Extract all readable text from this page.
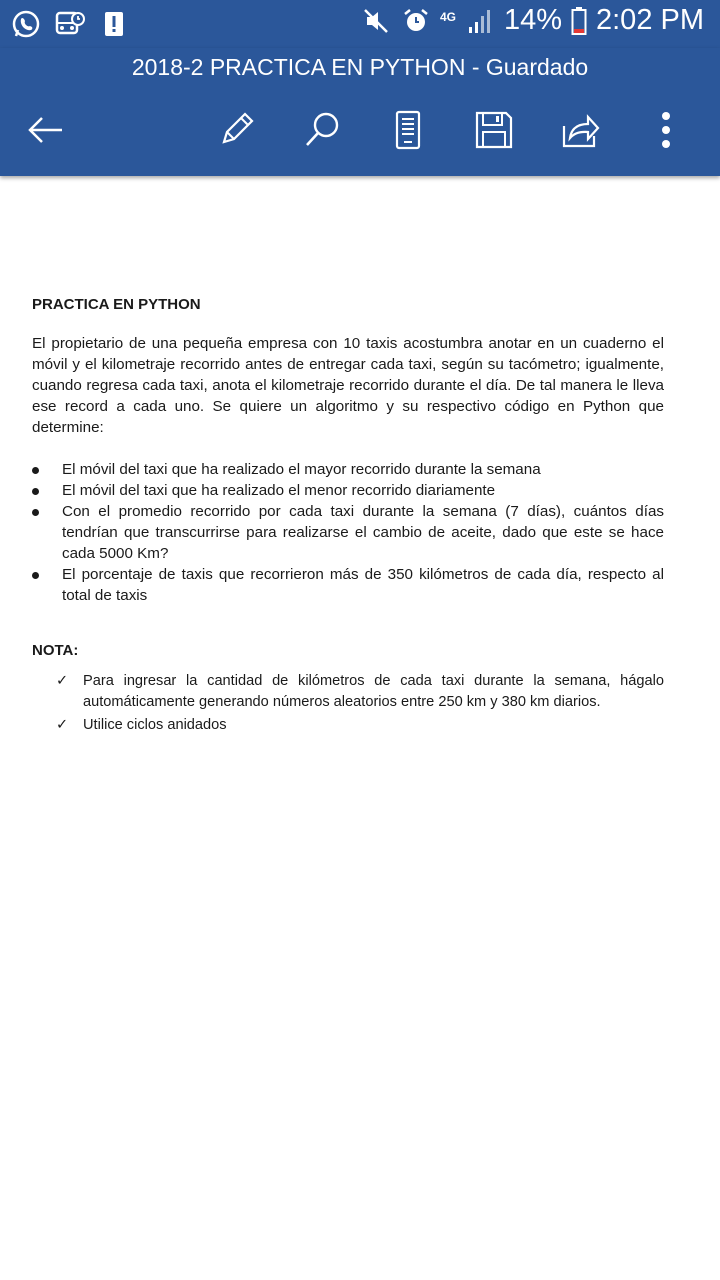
4G 14% 2:02 PM
2018-2 PRACTICA EN PYTHON - Guardado
PRACTICA EN PYTHON

El propietario de una pequeña empresa con 10 taxis acostumbra anotar en un cuaderno el móvil y el kilometraje recorrido antes de entregar cada taxi, según su tacómetro; igualmente, cuando regresa cada taxi, anota el kilometraje recorrido durante el día. De tal manera le lleva ese record a cada uno. Se quiere un algoritmo y su respectivo código en Python que determine:

El móvil del taxi que ha realizado el mayor recorrido durante la semana
El móvil del taxi que ha realizado el menor recorrido diariamente
Con el promedio recorrido por cada taxi durante la semana (7 días), cuántos días tendrían que transcurrirse para realizarse el cambio de aceite, dado que este se hace cada 5000 Km?
El porcentaje de taxis que recorrieron más de 350 kilómetros de cada día, respecto al total de taxis
NOTA:
✓ Para ingresar la cantidad de kilómetros de cada taxi durante la semana, hágalo automáticamente generando números aleatorios entre 250 km y 380 km diarios.
✓ Utilice ciclos anidados
